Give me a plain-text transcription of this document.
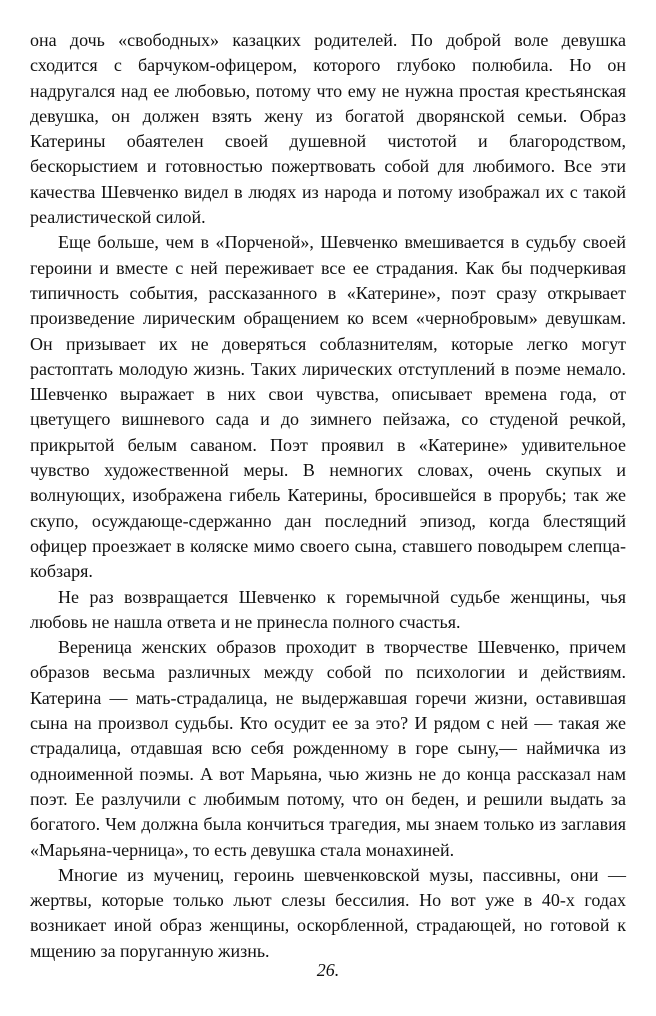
она дочь «свободных» казацких родителей. По доброй воле девушка сходится с барчуком-офицером, которого глубоко полюбила. Но он надругался над ее любовью, потому что ему не нужна простая крестьянская девушка, он должен взять жену из богатой дворянской семьи. Образ Катерины обаятелен своей душевной чистотой и благородством, бескорыстием и готовностью пожертвовать собой для любимого. Все эти качества Шевченко видел в людях из народа и потому изображал их с такой реалистической силой.

Еще больше, чем в «Порченой», Шевченко вмешивается в судьбу своей героини и вместе с ней переживает все ее страдания. Как бы подчеркивая типичность события, рассказанного в «Катерине», поэт сразу открывает произведение лирическим обращением ко всем «чернобровым» девушкам. Он призывает их не доверяться соблазнителям, которые легко могут растоптать молодую жизнь. Таких лирических отступлений в поэме немало. Шевченко выражает в них свои чувства, описывает времена года, от цветущего вишневого сада и до зимнего пейзажа, со студеной речкой, прикрытой белым саваном. Поэт проявил в «Катерине» удивительное чувство художественной меры. В немногих словах, очень скупых и волнующих, изображена гибель Катерины, бросившейся в прорубь; так же скупо, осуждающе-сдержанно дан последний эпизод, когда блестящий офицер проезжает в коляске мимо своего сына, ставшего поводырем слепца-кобзаря.

Не раз возвращается Шевченко к горемычной судьбе женщины, чья любовь не нашла ответа и не принесла полного счастья.

Вереница женских образов проходит в творчестве Шевченко, причем образов весьма различных между собой по психологии и действиям. Катерина — мать-страдалица, не выдержавшая горечи жизни, оставившая сына на произвол судьбы. Кто осудит ее за это? И рядом с ней — такая же страдалица, отдавшая всю себя рожденному в горе сыну,— наймичка из одноименной поэмы. А вот Марьяна, чью жизнь не до конца рассказал нам поэт. Ее разлучили с любимым потому, что он беден, и решили выдать за богатого. Чем должна была кончиться трагедия, мы знаем только из заглавия «Марьяна-черница», то есть девушка стала монахиней.

Многие из мучениц, героинь шевченковской музы, пассивны, они — жертвы, которые только льют слезы бессилия. Но вот уже в 40-х годах возникает иной образ женщины, оскорбленной, страдающей, но готовой к мщению за поруганную жизнь.

26.
